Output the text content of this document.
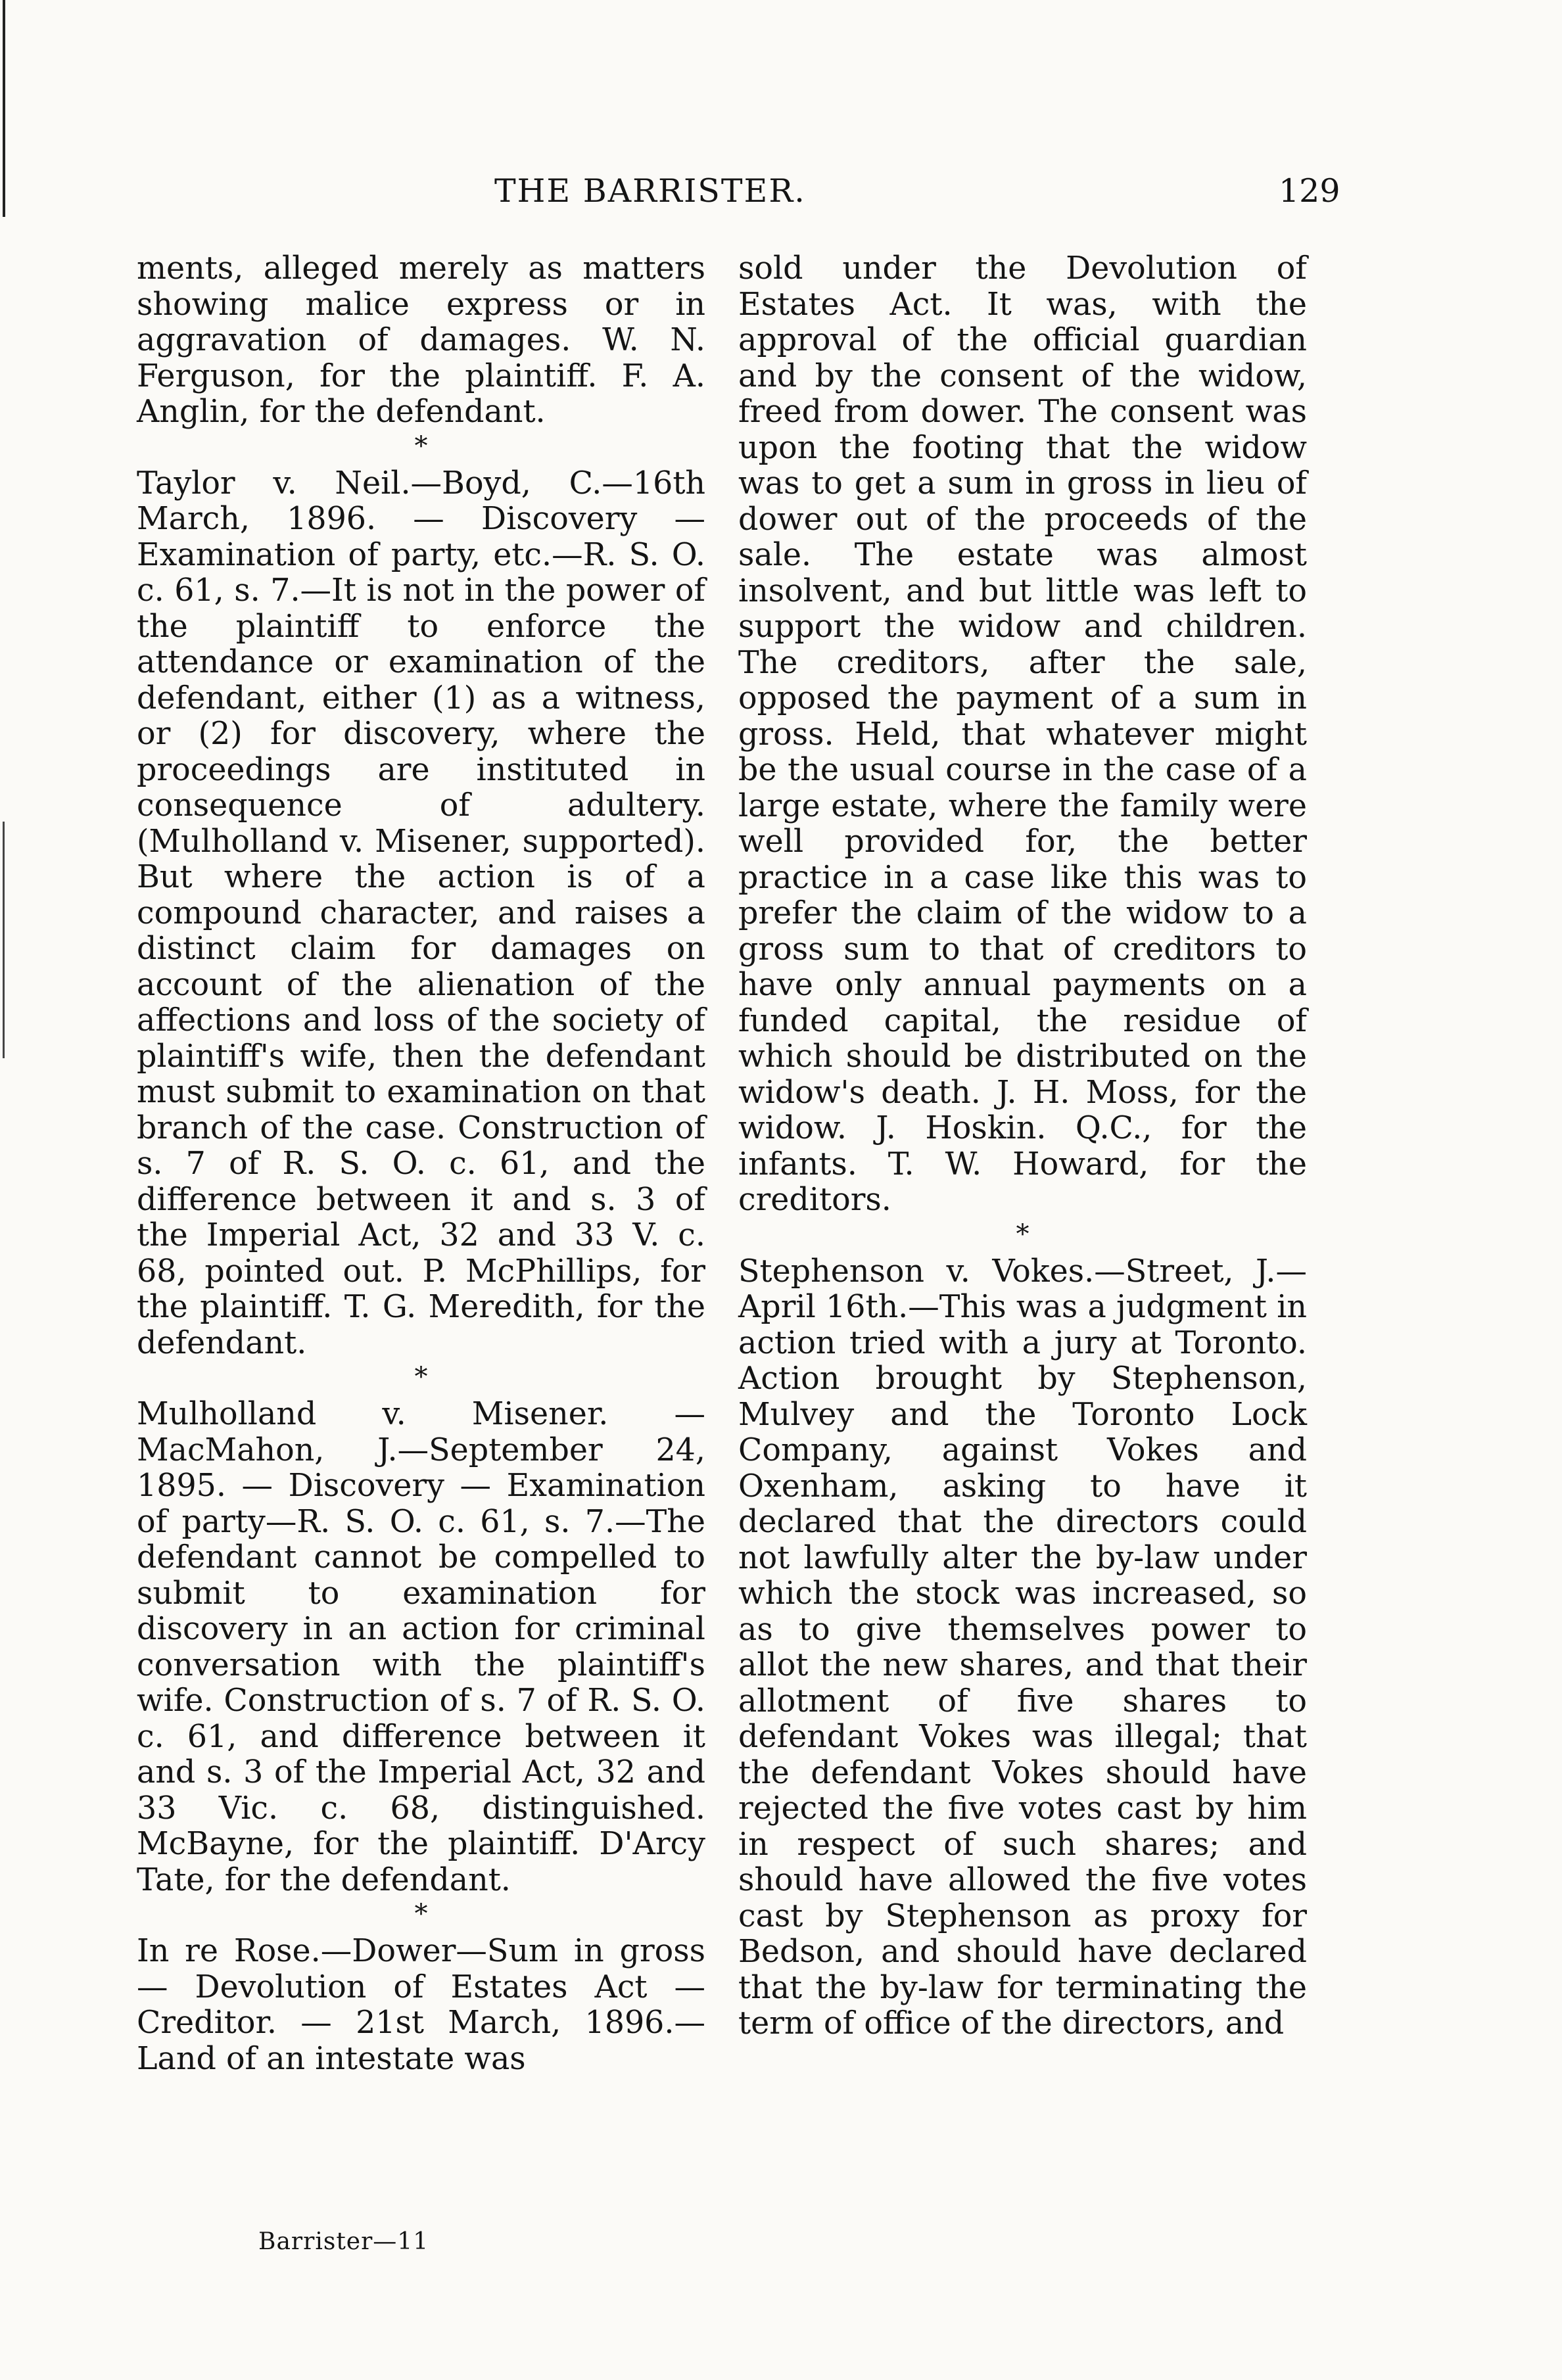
THE BARRISTER.	129

ments, alleged merely as matters showing malice express or in aggravation of damages. W. N. Ferguson, for the plaintiff. F. A. Anglin, for the defendant.

*

Taylor v. Neil.—Boyd, C.—16th March, 1896. — Discovery — Examination of party, etc.—R. S. O. c. 61, s. 7.—It is not in the power of the plaintiff to enforce the attendance or examination of the defendant, either (1) as a witness, or (2) for discovery, where the proceedings are instituted in consequence of adultery. (Mulholland v. Misener, supported). But where the action is of a compound character, and raises a distinct claim for damages on account of the alienation of the affections and loss of the society of plaintiff's wife, then the defendant must submit to examination on that branch of the case. Construction of s. 7 of R. S. O. c. 61, and the difference between it and s. 3 of the Imperial Act, 32 and 33 V. c. 68, pointed out. P. McPhillips, for the plaintiff. T. G. Meredith, for the defendant.

*

Mulholland v. Misener. — MacMahon, J.—September 24, 1895. — Discovery — Examination of party—R. S. O. c. 61, s. 7.—The defendant cannot be compelled to submit to examination for discovery in an action for criminal conversation with the plaintiff's wife. Construction of s. 7 of R. S. O. c. 61, and difference between it and s. 3 of the Imperial Act, 32 and 33 Vic. c. 68, distinguished. McBayne, for the plaintiff. D'Arcy Tate, for the defendant.

*

In re Rose.—Dower—Sum in gross — Devolution of Estates Act — Creditor. — 21st March, 1896.—Land of an intestate was

Barrister—11

sold under the Devolution of Estates Act. It was, with the approval of the official guardian and by the consent of the widow, freed from dower. The consent was upon the footing that the widow was to get a sum in gross in lieu of dower out of the proceeds of the sale. The estate was almost insolvent, and but little was left to support the widow and children. The creditors, after the sale, opposed the payment of a sum in gross. Held, that whatever might be the usual course in the case of a large estate, where the family were well provided for, the better practice in a case like this was to prefer the claim of the widow to a gross sum to that of creditors to have only annual payments on a funded capital, the residue of which should be distributed on the widow's death. J. H. Moss, for the widow. J. Hoskin. Q.C., for the infants. T. W. Howard, for the creditors.

*

Stephenson v. Vokes.—Street, J.—April 16th.—This was a judgment in action tried with a jury at Toronto. Action brought by Stephenson, Mulvey and the Toronto Lock Company, against Vokes and Oxenham, asking to have it declared that the directors could not lawfully alter the by-law under which the stock was increased, so as to give themselves power to allot the new shares, and that their allotment of five shares to defendant Vokes was illegal; that the defendant Vokes should have rejected the five votes cast by him in respect of such shares; and should have allowed the five votes cast by Stephenson as proxy for Bedson, and should have declared that the by-law for terminating the term of office of the directors, and
